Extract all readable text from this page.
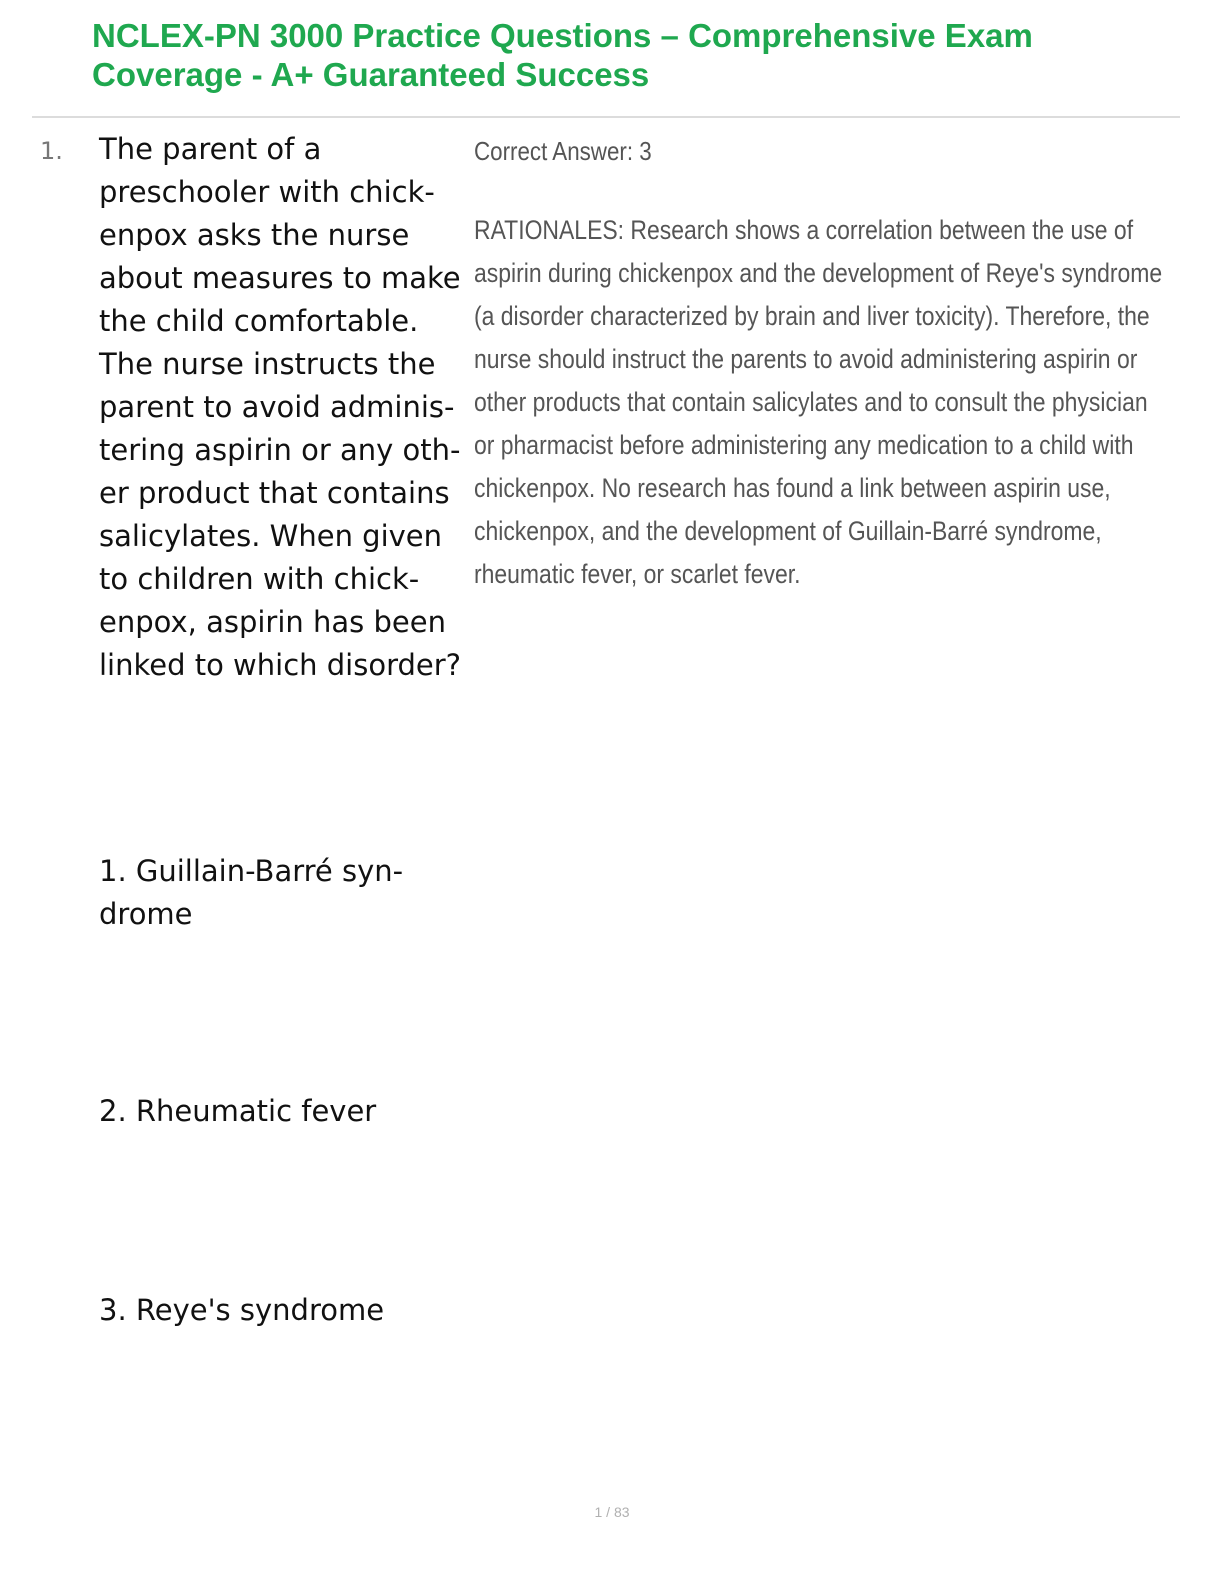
NCLEX-PN 3000 Practice Questions – Comprehensive Exam Coverage - A+ Guaranteed Success
1. The parent of a preschooler with chickenpox asks the nurse about measures to make the child comfortable. The nurse instructs the parent to avoid administering aspirin or any other product that contains salicylates. When given to children with chickenpox, aspirin has been linked to which disorder?

1. Guillain-Barré syndrome

2. Rheumatic fever

3. Reye's syndrome

Correct Answer: 3

RATIONALES: Research shows a correlation between the use of aspirin during chickenpox and the development of Reye's syndrome (a disorder characterized by brain and liver toxicity). Therefore, the nurse should instruct the parents to avoid administering aspirin or other products that contain salicylates and to consult the physician or pharmacist before administering any medication to a child with chickenpox. No research has found a link between aspirin use, chickenpox, and the development of Guillain-Barré syndrome, rheumatic fever, or scarlet fever.

1 / 83
